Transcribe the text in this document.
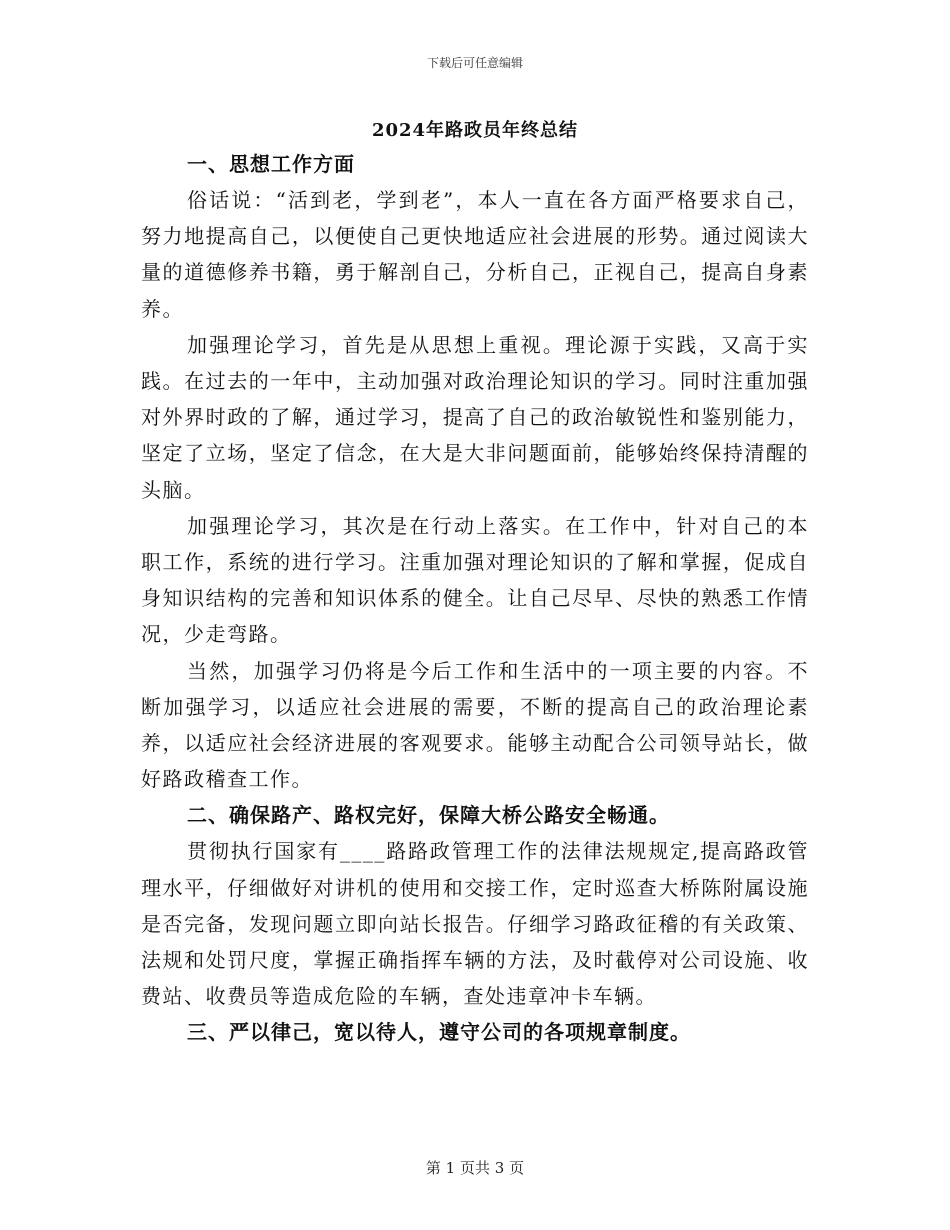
下载后可任意编辑
2024年路政员年终总结
一、思想工作方面

俗话说：“活到老，学到老”，本人一直在各方面严格要求自己，努力地提高自己，以便使自己更快地适应社会进展的形势。通过阅读大量的道德修养书籍，勇于解剖自己，分析自己，正视自己，提高自身素养。

加强理论学习，首先是从思想上重视。理论源于实践，又高于实践。在过去的一年中，主动加强对政治理论知识的学习。同时注重加强对外界时政的了解，通过学习，提高了自己的政治敏锐性和鉴别能力，坚定了立场，坚定了信念，在大是大非问题面前，能够始终保持清醒的头脑。

加强理论学习，其次是在行动上落实。在工作中，针对自己的本职工作，系统的进行学习。注重加强对理论知识的了解和掌握，促成自身知识结构的完善和知识体系的健全。让自己尽早、尽快的熟悉工作情况，少走弯路。

当然，加强学习仍将是今后工作和生活中的一项主要的内容。不断加强学习，以适应社会进展的需要，不断的提高自己的政治理论素养，以适应社会经济进展的客观要求。能够主动配合公司领导站长，做好路政稽查工作。

二、确保路产、路权完好，保障大桥公路安全畅通。

贯彻执行国家有____路路政管理工作的法律法规规定,提高路政管理水平，仔细做好对讲机的使用和交接工作，定时巡查大桥陈附属设施是否完备，发现问题立即向站长报告。仔细学习路政征稽的有关政策、法规和处罚尺度，掌握正确指挥车辆的方法，及时截停对公司设施、收费站、收费员等造成危险的车辆，查处违章冲卡车辆。

三、严以律己，宽以待人，遵守公司的各项规章制度。
第 1 页共 3 页
